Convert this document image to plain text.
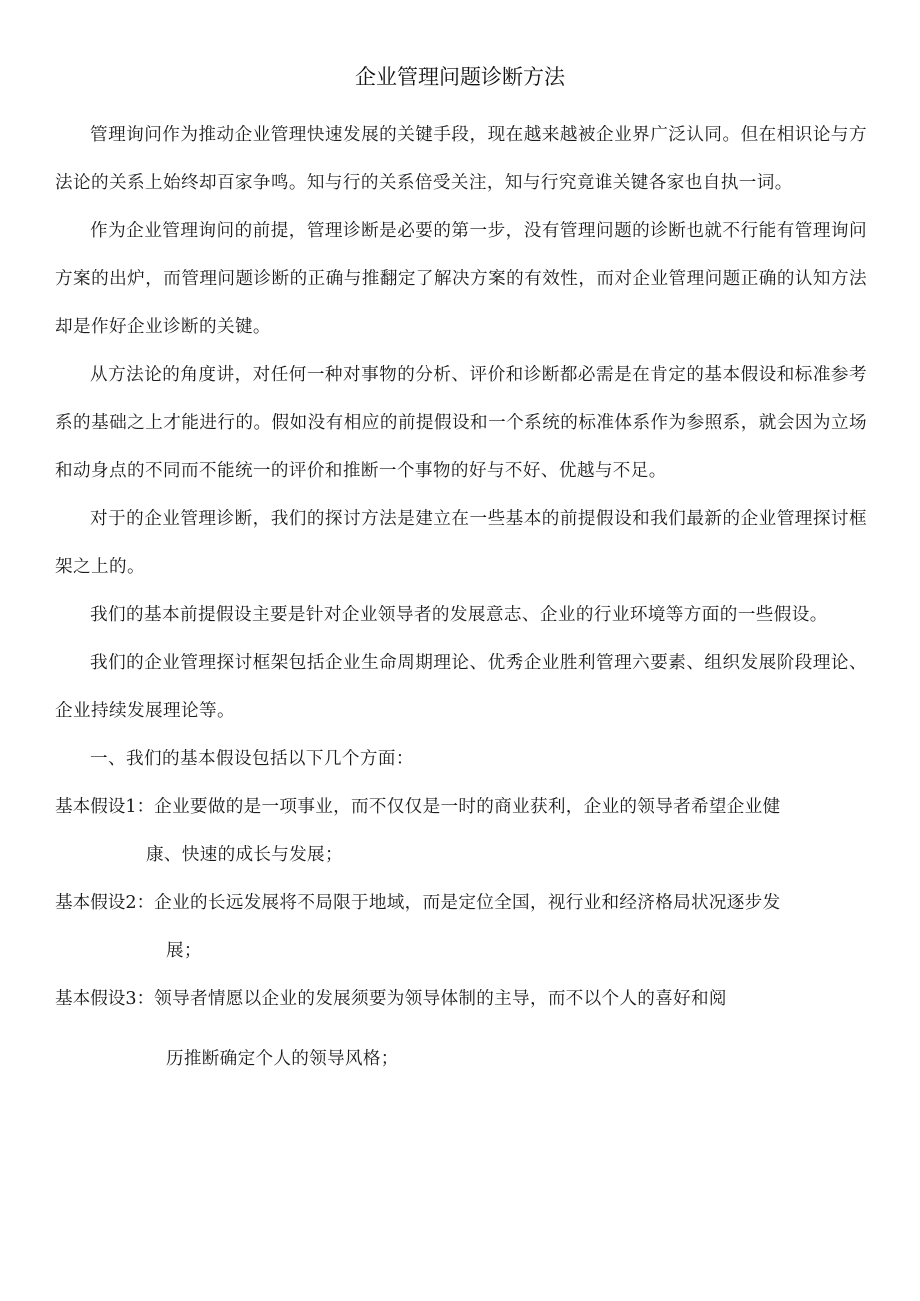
企业管理问题诊断方法

管理询问作为推动企业管理快速发展的关键手段，现在越来越被企业界广泛认同。但在相识论与方法论的关系上始终却百家争鸣。知与行的关系倍受关注，知与行究竟谁关键各家也自执一词。

作为企业管理询问的前提，管理诊断是必要的第一步，没有管理问题的诊断也就不行能有管理询问方案的出炉，而管理问题诊断的正确与推翻定了解决方案的有效性，而对企业管理问题正确的认知方法却是作好企业诊断的关键。

从方法论的角度讲，对任何一种对事物的分析、评价和诊断都必需是在肯定的基本假设和标准参考系的基础之上才能进行的。假如没有相应的前提假设和一个系统的标准体系作为参照系，就会因为立场和动身点的不同而不能统一的评价和推断一个事物的好与不好、优越与不足。

对于的企业管理诊断，我们的探讨方法是建立在一些基本的前提假设和我们最新的企业管理探讨框架之上的。

我们的基本前提假设主要是针对企业领导者的发展意志、企业的行业环境等方面的一些假设。

我们的企业管理探讨框架包括企业生命周期理论、优秀企业胜利管理六要素、组织发展阶段理论、企业持续发展理论等。

一、我们的基本假设包括以下几个方面：

基本假设1： 企业要做的是一项事业，而不仅仅是一时的商业获利，企业的领导者希望企业健

康、快速的成长与发展；

基本假设2： 企业的长远发展将不局限于地域，而是定位全国，视行业和经济格局状况逐步发

展；

基本假设3： 领导者情愿以企业的发展须要为领导体制的主导，而不以个人的喜好和阅

历推断确定个人的领导风格；
